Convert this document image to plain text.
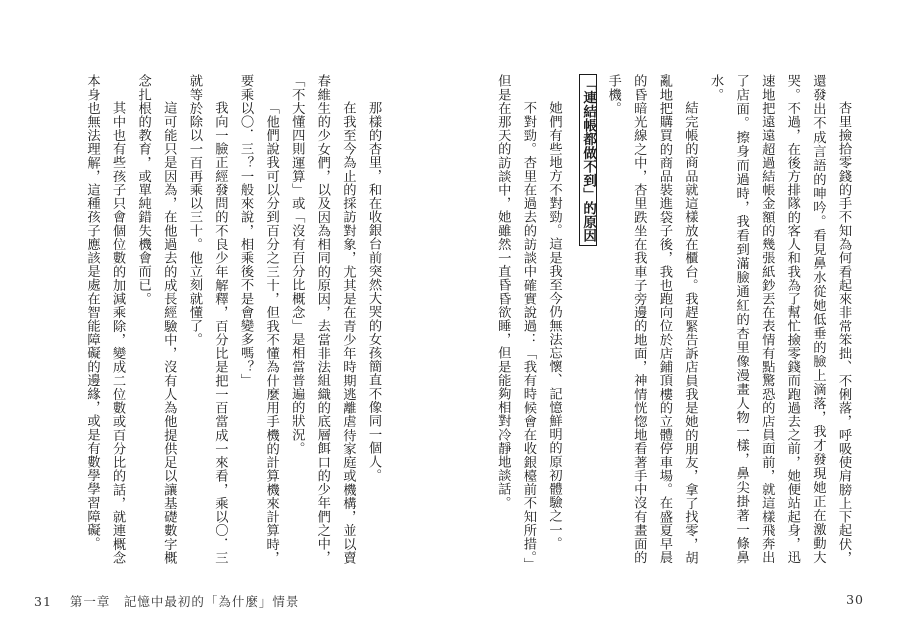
杏里撿拾零錢的手不知為何看起來非常笨拙、不俐落，呼吸使肩膀上下起伏，還發出不成言語的呻吟。看見鼻水從她低垂的臉上滴落，我才發現她正在激動大哭。不過，在後方排隊的客人和我為了幫忙撿零錢而跑過去之前，她便站起身，迅速地把遠遠超過結帳金額的幾張紙鈔丟在表情有點驚恐的店員面前，就這樣飛奔出了店面。擦身而過時，我看到滿臉通紅的杏里像漫畫人物一樣，鼻尖掛著一條鼻水。

結完帳的商品就這樣放在櫃台。我趕緊告訴店員我是她的朋友，拿了找零，胡亂地把購買的商品裝進袋子後，我也跑向位於店鋪頂樓的立體停車場。在盛夏早晨的昏暗光線之中，杏里跌坐在我車子旁邊的地面，神情恍惚地看著手中沒有畫面的手機。

「連結帳都做不到」的原因

她們有些地方不對勁。這是我至今仍無法忘懷、記憶鮮明的原初體驗之一。

不對勁。杏里在過去的訪談中確實說過：「我有時候會在收銀檯前不知所措。」但是在那天的訪談中，她雖然一直昏昏欲睡，但是能夠相對冷靜地談話。

30

那樣的杏里，和在收銀台前突然大哭的女孩簡直不像同一個人。

在我至今為止的採訪對象，尤其是在青少年時期逃離虐待家庭或機構，並以賣春維生的少女們，以及因為相同的原因，去當非法組織的底層餌口的少年們之中，「不大懂四則運算」或「沒有百分比概念」是相當普遍的狀況。

「他們說我可以分到百分之三十，但我不懂為什麼用手機的計算機來計算時，要乘以〇．三？一般來說，相乘後不是會變多嗎？」

我向一臉正經發問的不良少年解釋，百分比是把一百當成一來看，乘以〇．三就等於除以一百再乘以三十。他立刻就懂了。

這可能只是因為，在他過去的成長經驗中，沒有人為他提供足以讓基礎數字概念扎根的教育，或單純錯失機會而已。

其中也有些孩子只會個位數的加減乘除，變成二位數或百分比的話，就連概念本身也無法理解，這種孩子應該是處在智能障礙的邊緣，或是有數學學習障礙。

31 第一章　記憶中最初的「為什麼」情景
